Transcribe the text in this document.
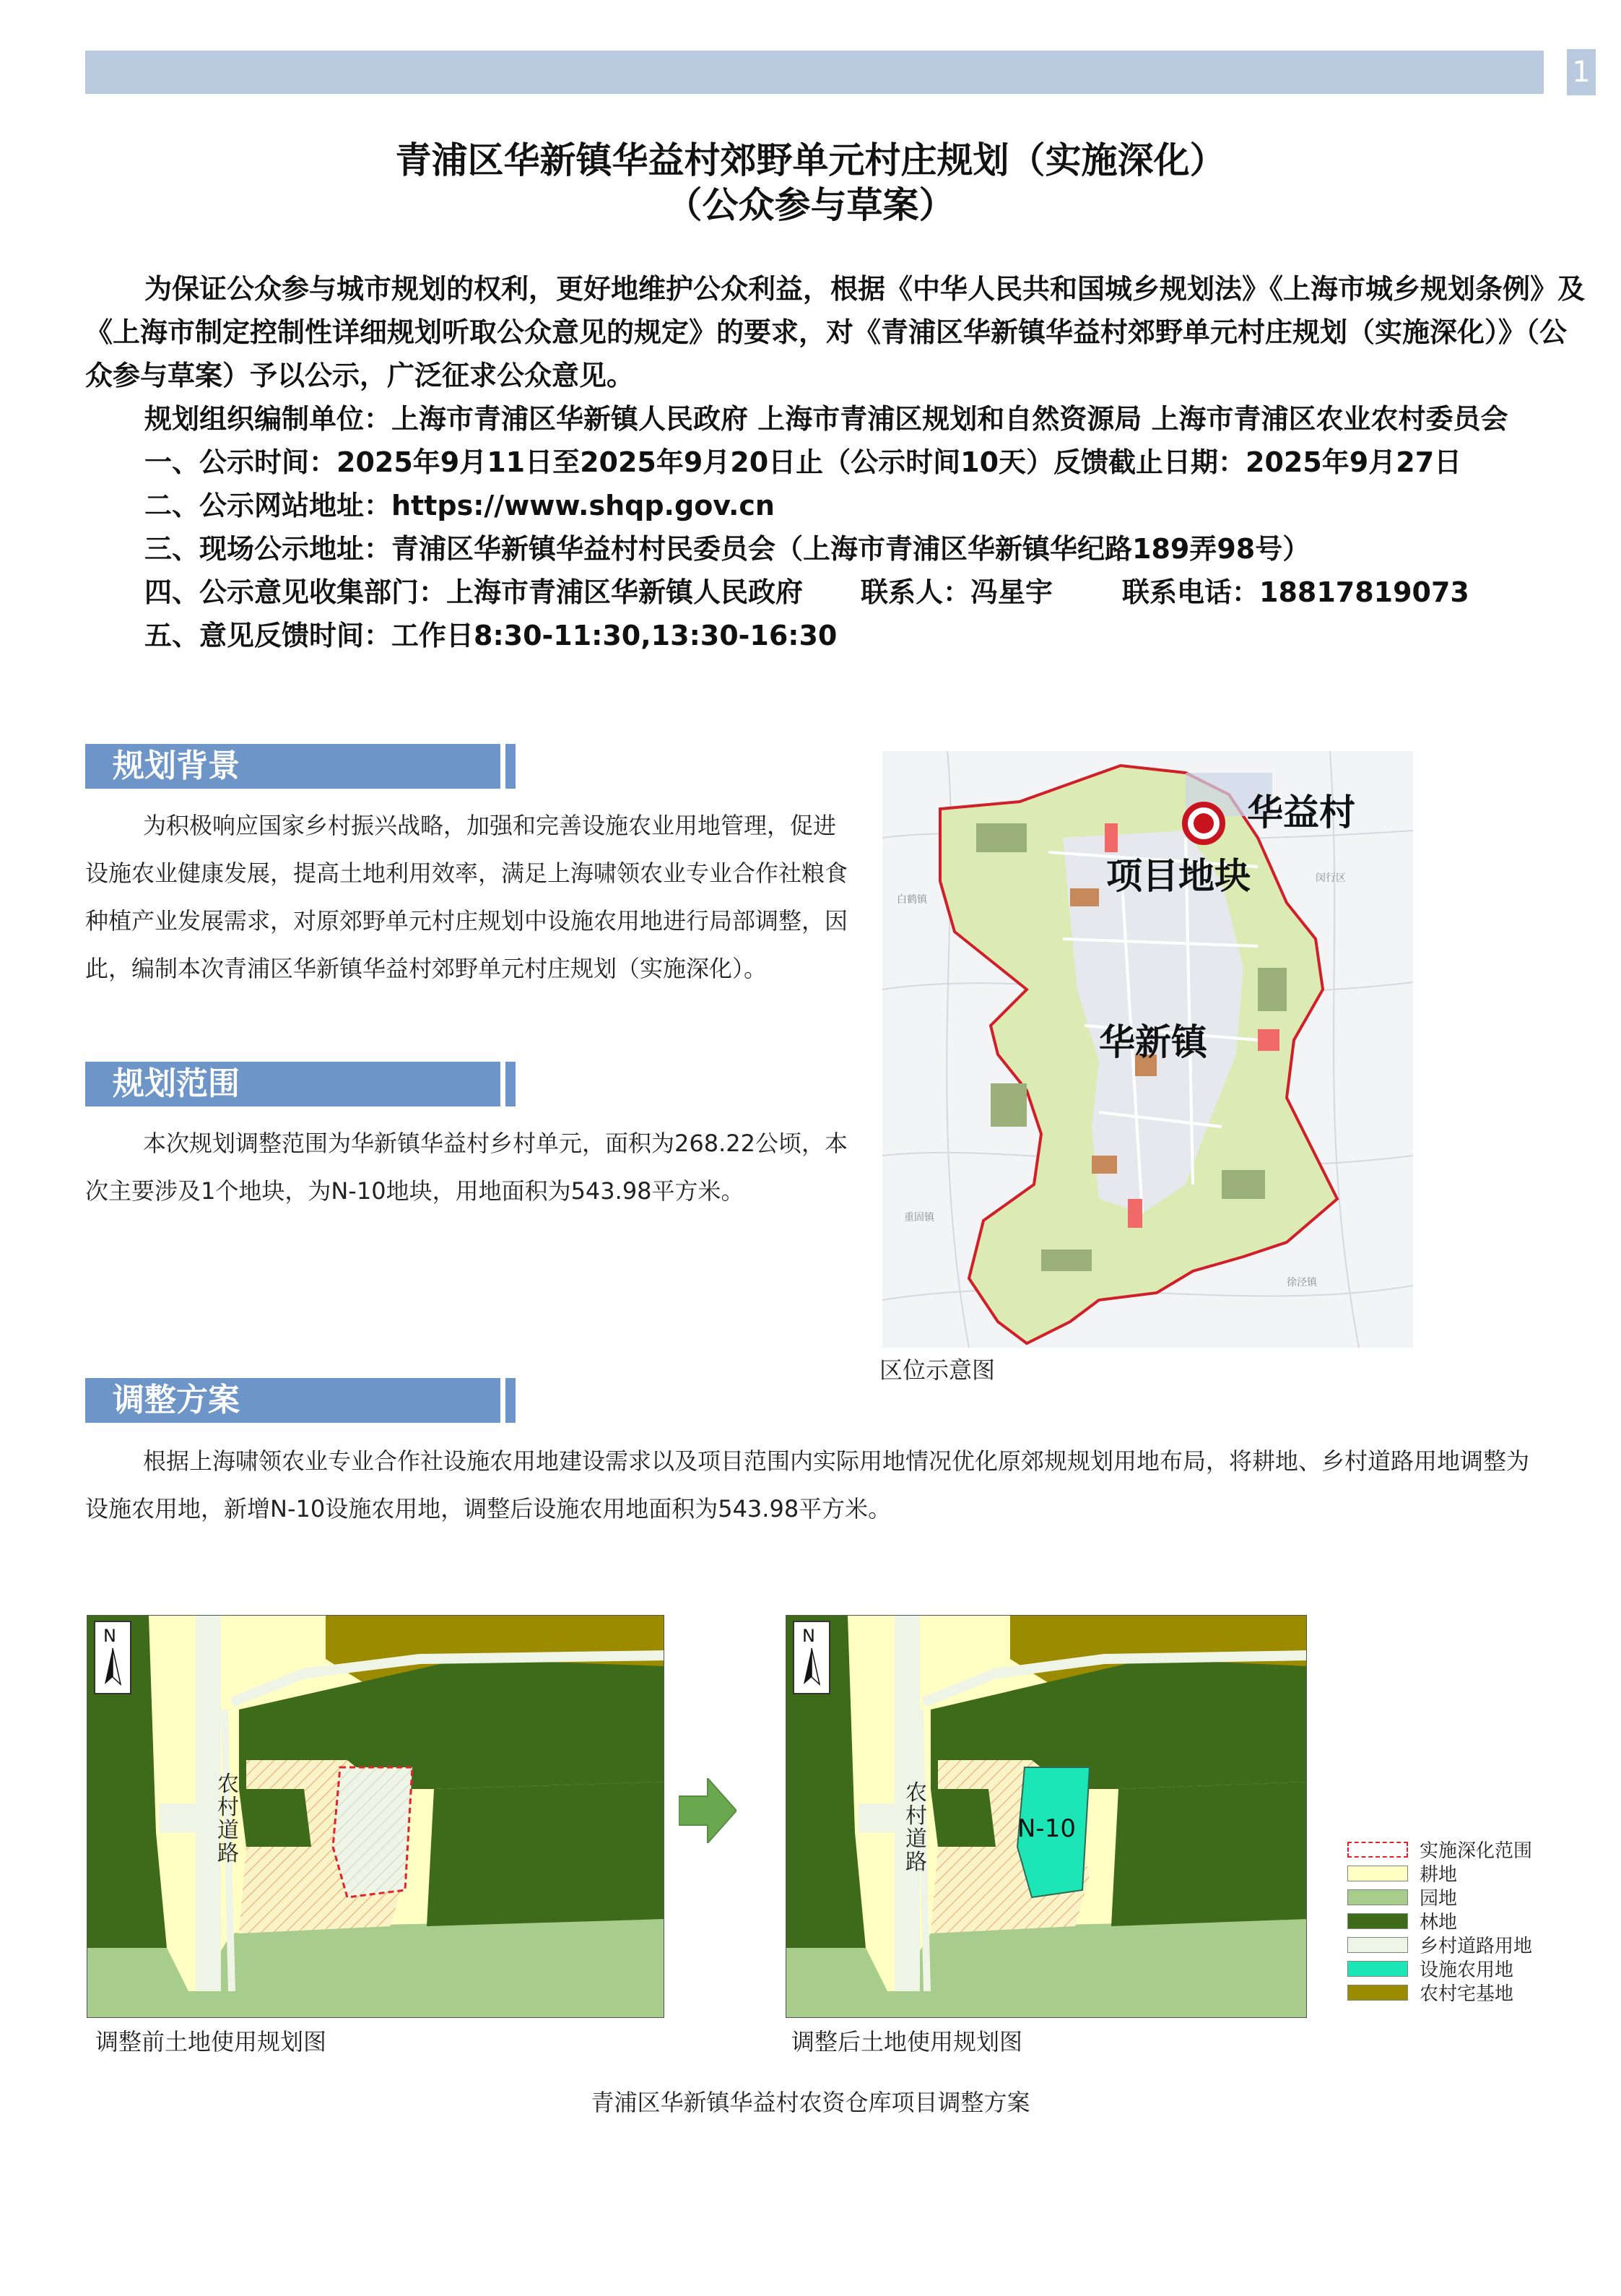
1
青浦区华新镇华益村郊野单元村庄规划（实施深化）
（公众参与草案）

为保证公众参与城市规划的权利，更好地维护公众利益，根据《中华人民共和国城乡规划法》《上海市城乡规划条例》及《上海市制定控制性详细规划听取公众意见的规定》的要求，对《青浦区华新镇华益村郊野单元村庄规划（实施深化）》（公众参与草案）予以公示，广泛征求公众意见。

规划组织编制单位：上海市青浦区华新镇人民政府 上海市青浦区规划和自然资源局 上海市青浦区农业农村委员会
一、公示时间：2025年9月11日至2025年9月20日止（公示时间10天）反馈截止日期：2025年9月27日
二、公示网站地址：https://www.shqp.gov.cn
三、现场公示地址：青浦区华新镇华益村村民委员会（上海市青浦区华新镇华纪路189弄98号）
四、公示意见收集部门：上海市青浦区华新镇人民政府 联系人：冯星宇	联系电话：18817819073
五、意见反馈时间：工作日8:30-11:30,13:30-16:30
规划背景

为积极响应国家乡村振兴战略，加强和完善设施农业用地管理，促进设施农业健康发展，提高土地利用效率，满足上海啸领农业专业合作社粮食种植产业发展需求，对原郊野单元村庄规划中设施农用地进行局部调整，因此，编制本次青浦区华新镇华益村郊野单元村庄规划（实施深化）。

规划范围

本次规划调整范围为华新镇华益村乡村单元，面积为268.22公顷，本次主要涉及1个地块，为N-10地块，用地面积为543.98平方米。

华益村
项目地块
华新镇
白鹤镇
闵行区
重固镇
徐泾镇
区位示意图
调整方案

根据上海啸领农业专业合作社设施农用地建设需求以及项目范围内实际用地情况优化原郊规规划用地布局，将耕地、乡村道路用地调整为设施农用地，新增N-10设施农用地，调整后设施农用地面积为543.98平方米。

N
农
村
道
路
调整前土地使用规划图
N
农
村
道
路
N-10
调整后土地使用规划图
实施深化范围
耕地
园地
林地
乡村道路用地
设施农用地
农村宅基地
青浦区华新镇华益村农资仓库项目调整方案
